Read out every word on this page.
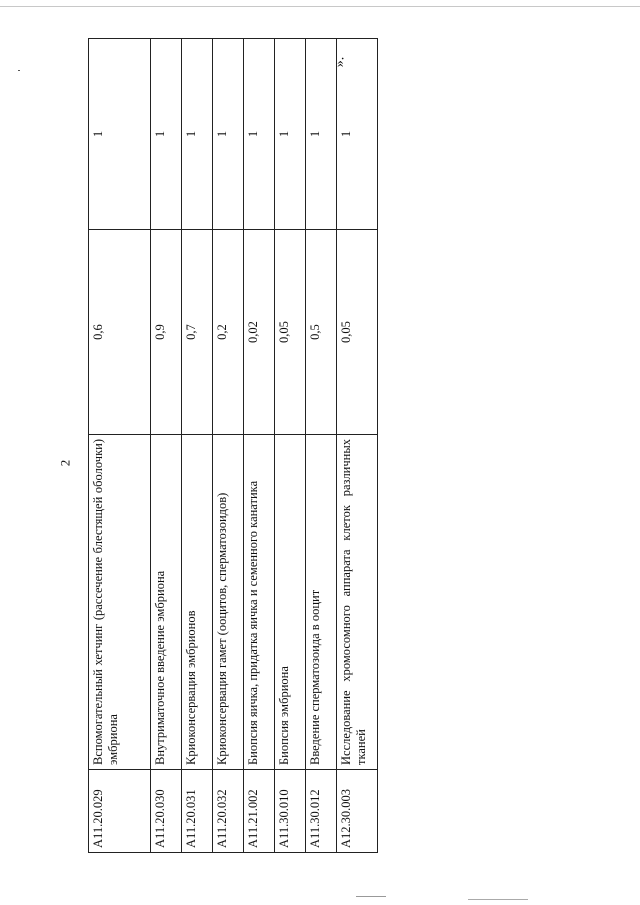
2
».
А11.20.029	Вспомогательный хетчинг (рассечение блестящей оболочки) эмбриона	0,6	1
А11.20.030	Внутриматочное введение эмбриона	0,9	1
А11.20.031	Криоконсервация эмбрионов	0,7	1
А11.20.032	Криоконсервация гамет (ооцитов, сперматозоидов)	0,2	1
А11.21.002	Биопсия яичка, придатка яичка и семенного канатика	0,02	1
А11.30.010	Биопсия эмбриона	0,05	1
А11.30.012	Введение сперматозоида в ооцит	0,5	1
А12.30.003	Исследование хромосомного аппарата клеток различных тканей	0,05	1
